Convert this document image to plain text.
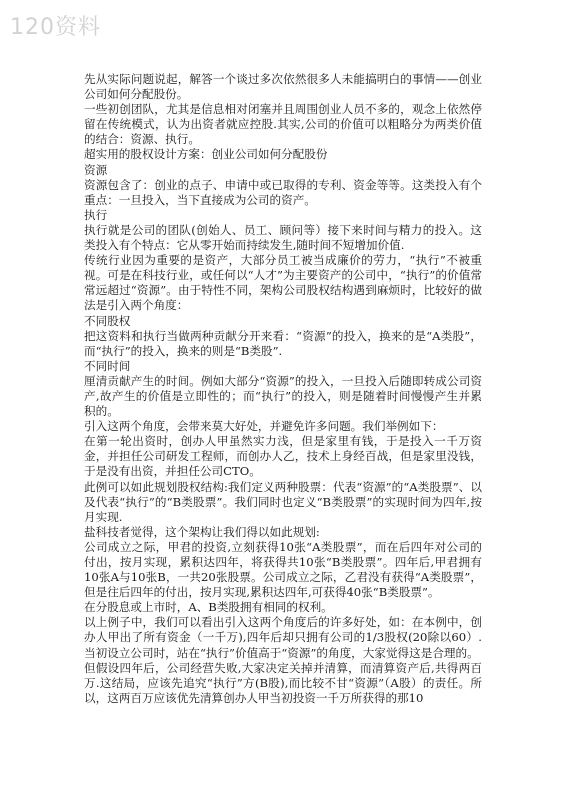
120资料

先从实际问题说起，解答一个谈过多次依然很多人未能搞明白的事情——创业公司如何分配股份。

一些初创团队，尤其是信息相对闭塞并且周围创业人员不多的，观念上依然停留在传统模式，认为出资者就应控股.其实,公司的价值可以粗略分为两类价值的结合：资源、执行。

超实用的股权设计方案：创业公司如何分配股份

资源

资源包含了：创业的点子、申请中或已取得的专利、资金等等。这类投入有个重点：一旦投入，当下直接成为公司的资产。

执行

执行就是公司的团队(创始人、员工、顾问等）接下来时间与精力的投入。这类投入有个特点：它从零开始而持续发生,随时间不短增加价值.

传统行业因为重要的是资产，大部分员工被当成廉价的劳力，“执行”不被重视。可是在科技行业，或任何以“人才”为主要资产的公司中，“执行”的价值常常远超过“资源”。由于特性不同，架构公司股权结构遇到麻烦时，比较好的做法是引入两个角度：

不同股权

把这资料和执行当做两种贡献分开来看：“资源”的投入，换来的是“A类股”，而“执行”的投入，换来的则是“B类股”.

不同时间

厘清贡献产生的时间。例如大部分“资源”的投入，一旦投入后随即转成公司资产,故产生的价值是立即性的；而“执行”的投入，则是随着时间慢慢产生并累积的。

引入这两个角度，会带来莫大好处，并避免许多问题。我们举例如下：

在第一轮出资时，创办人甲虽然实力浅，但是家里有钱，于是投入一千万资金，并担任公司研发工程师，而创办人乙，技术上身经百战，但是家里没钱，于是没有出资，并担任公司CTO。

此例可以如此规划股权结构:我们定义两种股票：代表“资源”的“A类股票”、以及代表“执行”的“B类股票”。我们同时也定义“B类股票”的实现时间为四年,按月实现.

盐科技者觉得，这个架构让我们得以如此规划:

公司成立之际，甲君的投资,立刻获得10张“A类股票”，而在后四年对公司的付出，按月实现，累积达四年，将获得共10张“B类股票”。四年后,甲君拥有10张A与10张B，一共20张股票。公司成立之际，乙君没有获得“A类股票”，但是往后四年的付出，按月实现,累积达四年,可获得40张“B类股票”。

在分股息或上市时，A、B类股拥有相同的权利。

以上例子中，我们可以看出引入这两个角度后的许多好处，如：在本例中，创办人甲出了所有资金（一千万),四年后却只拥有公司的1/3股权(20除以60）.当初设立公司时，站在“执行”价值高于“资源”的角度，大家觉得这是合理的。

但假设四年后，公司经营失败,大家决定关掉并清算，而清算资产后,共得两百万.这结局，应该先追究“执行”方(B股),而比较不甘“资源”（A股）的责任。所以，这两百万应该优先清算创办人甲当初投资一千万所获得的那10
